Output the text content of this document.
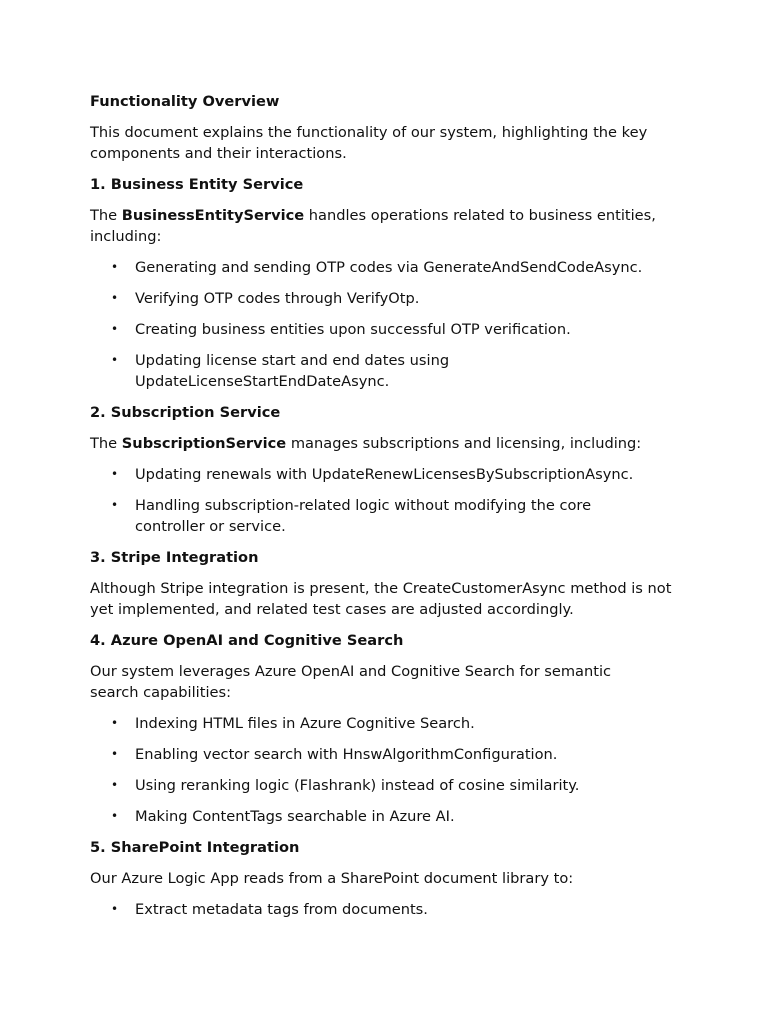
Functionality Overview

This document explains the functionality of our system, highlighting the key components and their interactions.

1. Business Entity Service

The BusinessEntityService handles operations related to business entities, including:

• Generating and sending OTP codes via GenerateAndSendCodeAsync.
• Verifying OTP codes through VerifyOtp.
• Creating business entities upon successful OTP verification.
• Updating license start and end dates using UpdateLicenseStartEndDateAsync.
2. Subscription Service

The SubscriptionService manages subscriptions and licensing, including:

• Updating renewals with UpdateRenewLicensesBySubscriptionAsync.
• Handling subscription-related logic without modifying the core controller or service.
3. Stripe Integration

Although Stripe integration is present, the CreateCustomerAsync method is not yet implemented, and related test cases are adjusted accordingly.

4. Azure OpenAI and Cognitive Search

Our system leverages Azure OpenAI and Cognitive Search for semantic search capabilities:

• Indexing HTML files in Azure Cognitive Search.
• Enabling vector search with HnswAlgorithmConfiguration.
• Using reranking logic (Flashrank) instead of cosine similarity.
• Making ContentTags searchable in Azure AI.
5. SharePoint Integration

Our Azure Logic App reads from a SharePoint document library to:

• Extract metadata tags from documents.
